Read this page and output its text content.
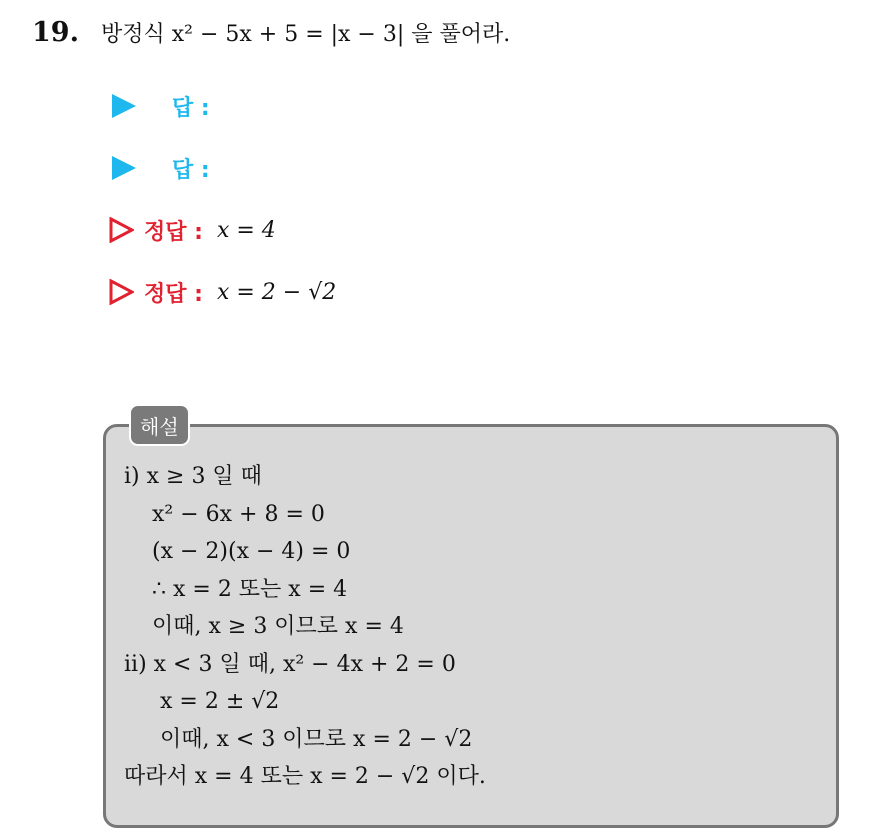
19. 방정식 x² − 5x + 5 = |x − 3| 을 풀어라.
답 :
답 :
정답 : x = 4
정답 : x = 2 − √2
해설
i) x ≥ 3 일 때
x² − 6x + 8 = 0
(x − 2)(x − 4) = 0
∴ x = 2 또는 x = 4
이때, x ≥ 3 이므로 x = 4
ii) x < 3 일 때, x² − 4x + 2 = 0
x = 2 ± √2
이때, x < 3 이므로 x = 2 − √2
따라서 x = 4 또는 x = 2 − √2 이다.
